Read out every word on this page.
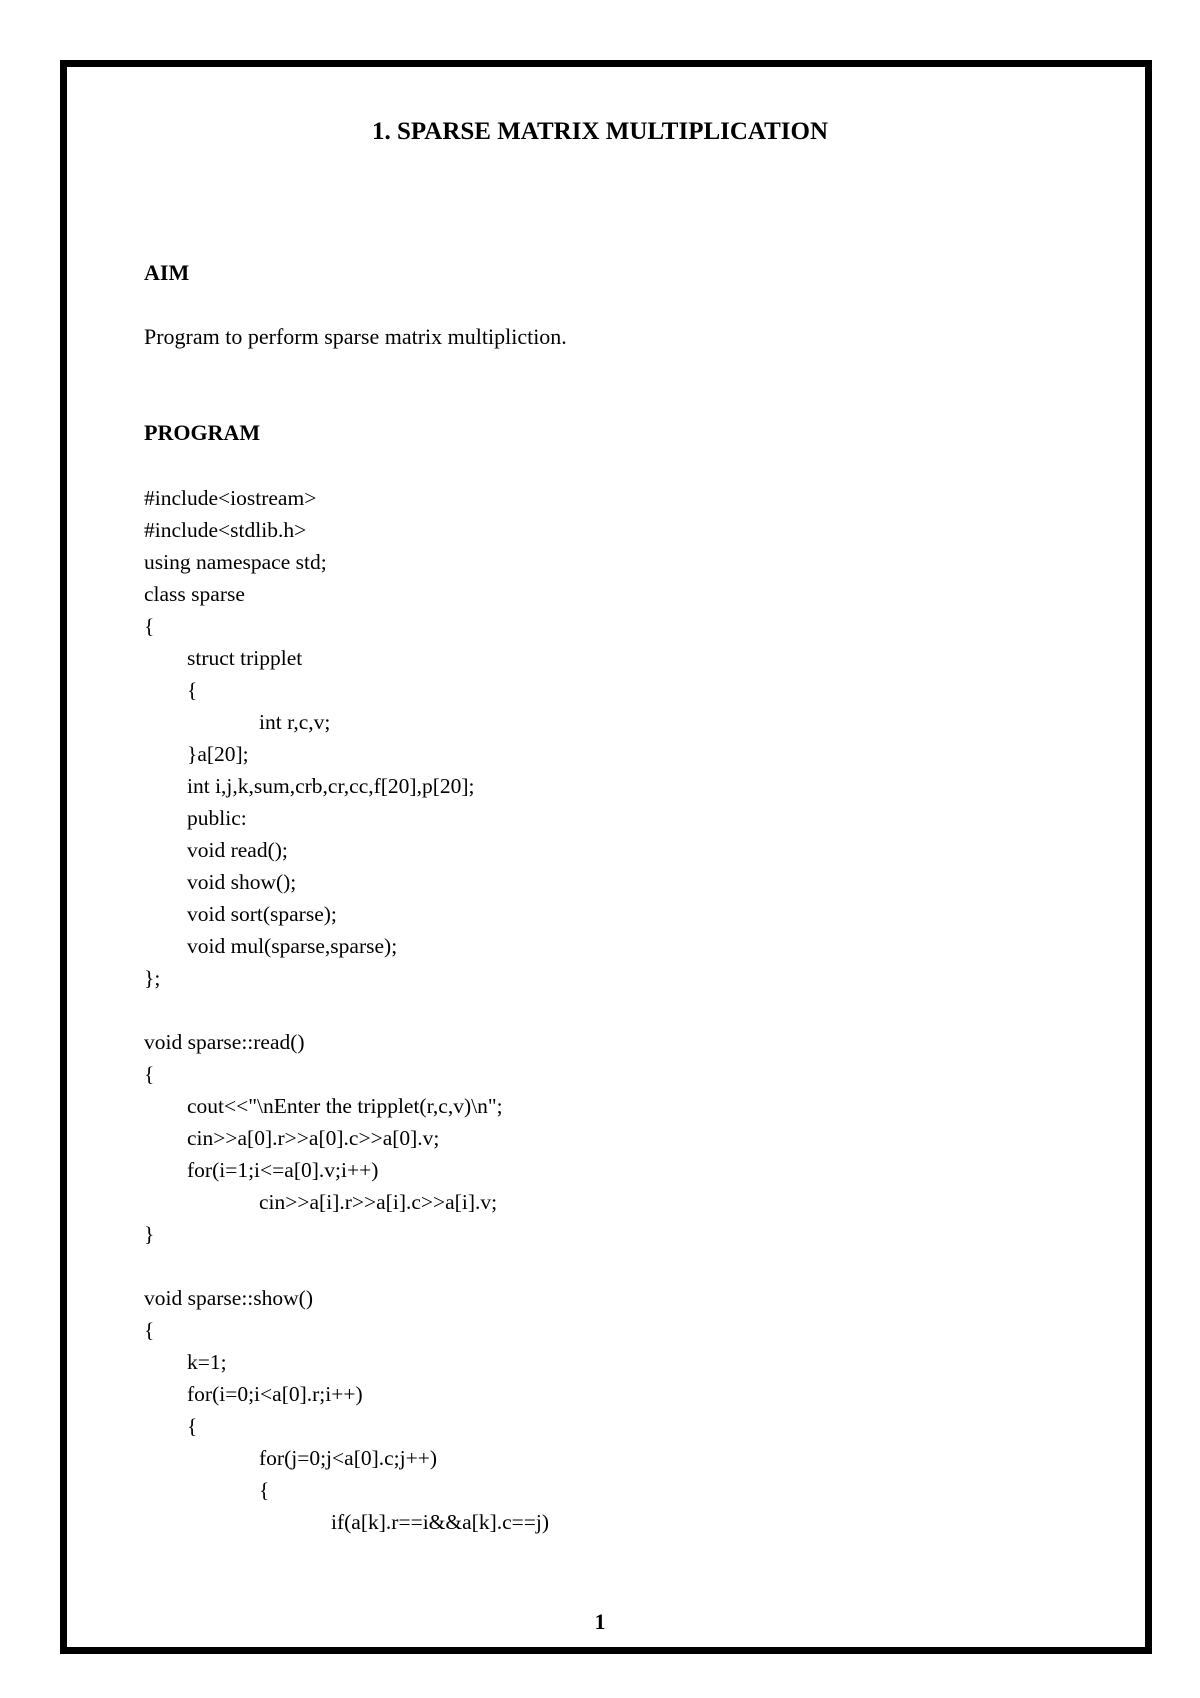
1. SPARSE MATRIX MULTIPLICATION
AIM
Program to perform sparse matrix multipliction.
PROGRAM
#include<iostream>
#include<stdlib.h>
using namespace std;
class sparse
{
struct tripplet
{
int r,c,v;
}a[20];
int i,j,k,sum,crb,cr,cc,f[20],p[20];
public:
void read();
void show();
void sort(sparse);
void mul(sparse,sparse);
};
void sparse::read()
{
cout<<"\nEnter the tripplet(r,c,v)\n";
cin>>a[0].r>>a[0].c>>a[0].v;
for(i=1;i<=a[0].v;i++)
cin>>a[i].r>>a[i].c>>a[i].v;
}
void sparse::show()
{
k=1;
for(i=0;i<a[0].r;i++)
{
for(j=0;j<a[0].c;j++)
{
if(a[k].r==i&&a[k].c==j)
1
